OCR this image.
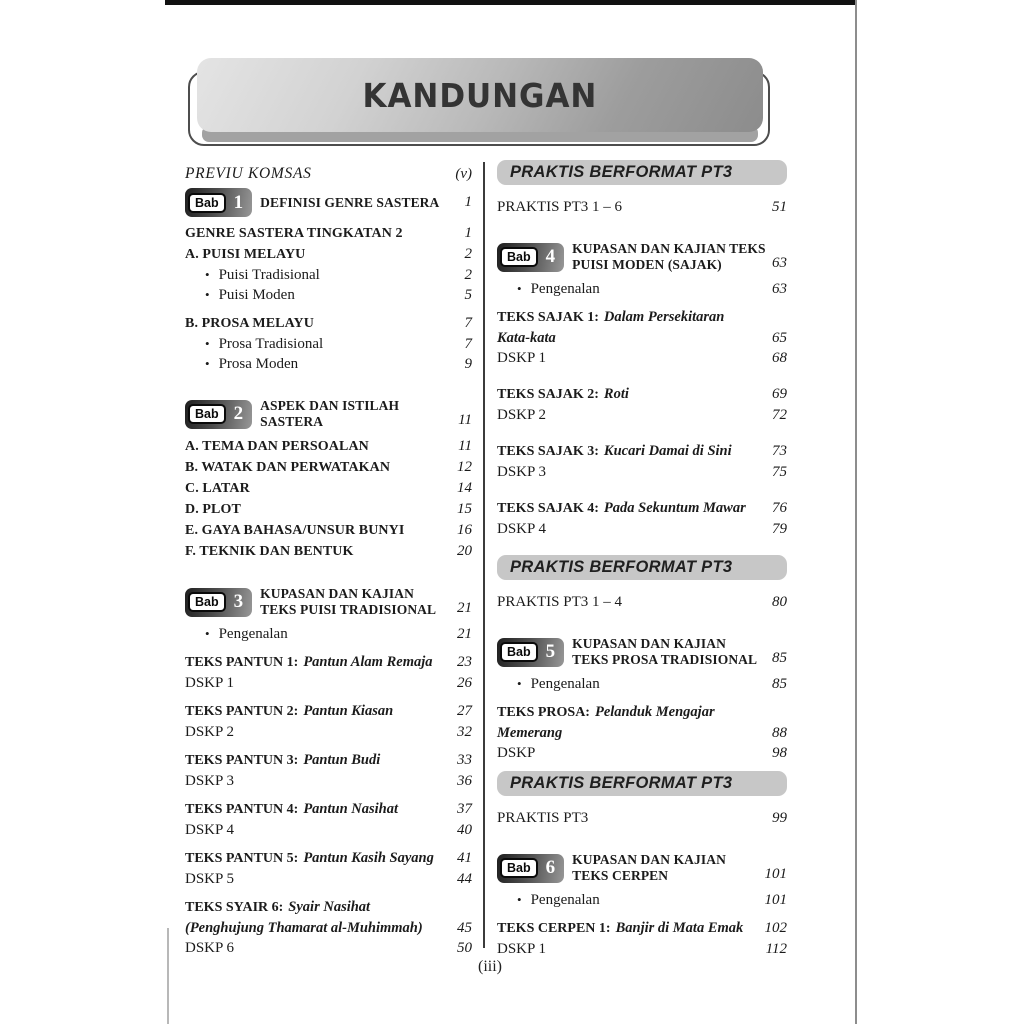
KANDUNGAN
PREVIU KOMSAS	(v)
Bab 1 DEFINISI GENRE SASTERA	1
GENRE SASTERA TINGKATAN 2	1
A. PUISI MELAYU	2
• Puisi Tradisional	2
• Puisi Moden	5
B. PROSA MELAYU	7
• Prosa Tradisional	7
• Prosa Moden	9
Bab 2 ASPEK DAN ISTILAH
SASTERA	11
A. TEMA DAN PERSOALAN	11
B. WATAK DAN PERWATAKAN	12
C. LATAR	14
D. PLOT	15
E. GAYA BAHASA/UNSUR BUNYI	16
F. TEKNIK DAN BENTUK	20
Bab 3 KUPASAN DAN KAJIAN
TEKS PUISI TRADISIONAL	21
• Pengenalan	21
TEKS PANTUN 1: Pantun Alam Remaja	23
DSKP 1	26
TEKS PANTUN 2: Pantun Kiasan	27
DSKP 2	32
TEKS PANTUN 3: Pantun Budi	33
DSKP 3	36
TEKS PANTUN 4: Pantun Nasihat	37
DSKP 4	40
TEKS PANTUN 5: Pantun Kasih Sayang	41
DSKP 5	44
TEKS SYAIR 6: Syair Nasihat
(Penghujung Thamarat al-Muhimmah)	45
DSKP 6	50
PRAKTIS BERFORMAT PT3
PRAKTIS PT3 1 – 6	51
Bab 4 KUPASAN DAN KAJIAN TEKS
PUISI MODEN (SAJAK)	63
• Pengenalan	63
TEKS SAJAK 1: Dalam Persekitaran
Kata-kata	65
DSKP 1	68
TEKS SAJAK 2: Roti	69
DSKP 2	72
TEKS SAJAK 3: Kucari Damai di Sini	73
DSKP 3	75
TEKS SAJAK 4: Pada Sekuntum Mawar	76
DSKP 4	79
PRAKTIS BERFORMAT PT3
PRAKTIS PT3 1 – 4	80
Bab 5 KUPASAN DAN KAJIAN
TEKS PROSA TRADISIONAL 85
• Pengenalan	85
TEKS PROSA: Pelanduk Mengajar
Memerang	88
DSKP	98
PRAKTIS BERFORMAT PT3
PRAKTIS PT3	99
Bab 6 KUPASAN DAN KAJIAN
TEKS CERPEN	101
• Pengenalan	101
TEKS CERPEN 1: Banjir di Mata Emak	102
DSKP 1	112
(iii)
